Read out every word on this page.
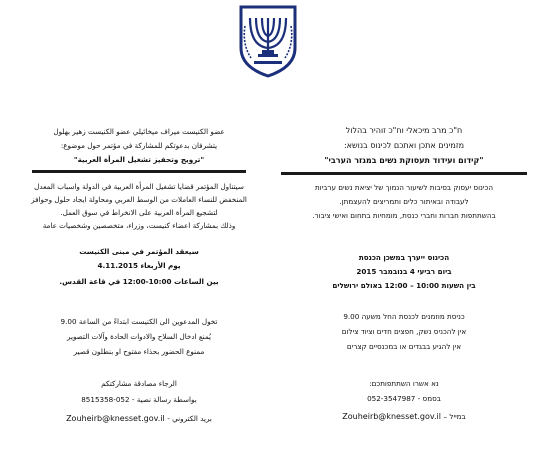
ח"כ מרב מיכאלי וח"כ זוהיר בהלול
מזמינים אתכן ואתכם לכינוס בנושא:
"קידום ועידוד תעסוקת נשים במגזר הערבי"
הכינוס יעסוק בסיבות לשיעור הנמוך של יציאת נשים ערביות
לעבודה ובאיתור כלים ותמריצים להעצמתן.
בהשתתפות חברות וחברי כנסת, מומחיות בתחום ואישי ציבור.
הכינוס ייערך במשכן הכנסת
ביום רביעי 4 בנובמבר 2015
בין השעות 10:00 – 12:00 באולם ירושלים
כניסת מוזמנים לכנסת החל משעה 9.00
אין להכניס נשק, חפצים חדים וציוד צילום
אין להגיע בבגדים או במכנסיים קצרים
נא אשרו השתתפותכם:
בסמס - 052-3547987
במייל – Zouheirb@knesset.gov.il
عضو الكنيست ميراف ميخائيلي عضو الكنيست زهير بهلول
يتشرفان بدعوتكم للمشاركة في مؤتمر حول موضوع:
"ترويج وتحفيز تشغيل المرأة العربية"
سيتناول المؤتمر قضايا تشغيل المرأة العربية في الدولة واسباب المعدل
المنخفض للنساء العاملات من الوسط العربي ومحاولة ايجاد حلول وحوافز
لتشجيع المرأة العربية على الانخراط في سوق العمل.
وذلك بمشاركة اعضاء كنيست، وزراء، متخصصين وشخصيات عامة
سيعقد المؤتمر في مبنى الكنيست
يوم الأربعاء 4.11.2015
بين الساعات 10:00-12:00 في قاعة القدس.
تخول المدعوين الى الكنيست ابتداءً من الساعة 9.00
يُمنع ادخال السلاح والادوات الحادة وآلات التصوير
ممنوع الحضور بحذاء مفتوح او بنطلون قصير
الرجاء مصادقة مشاركتكم
بواسطة رسالة نصية - 052-8515358
بريد الكتروني - Zouheirb@knesset.gov.il
